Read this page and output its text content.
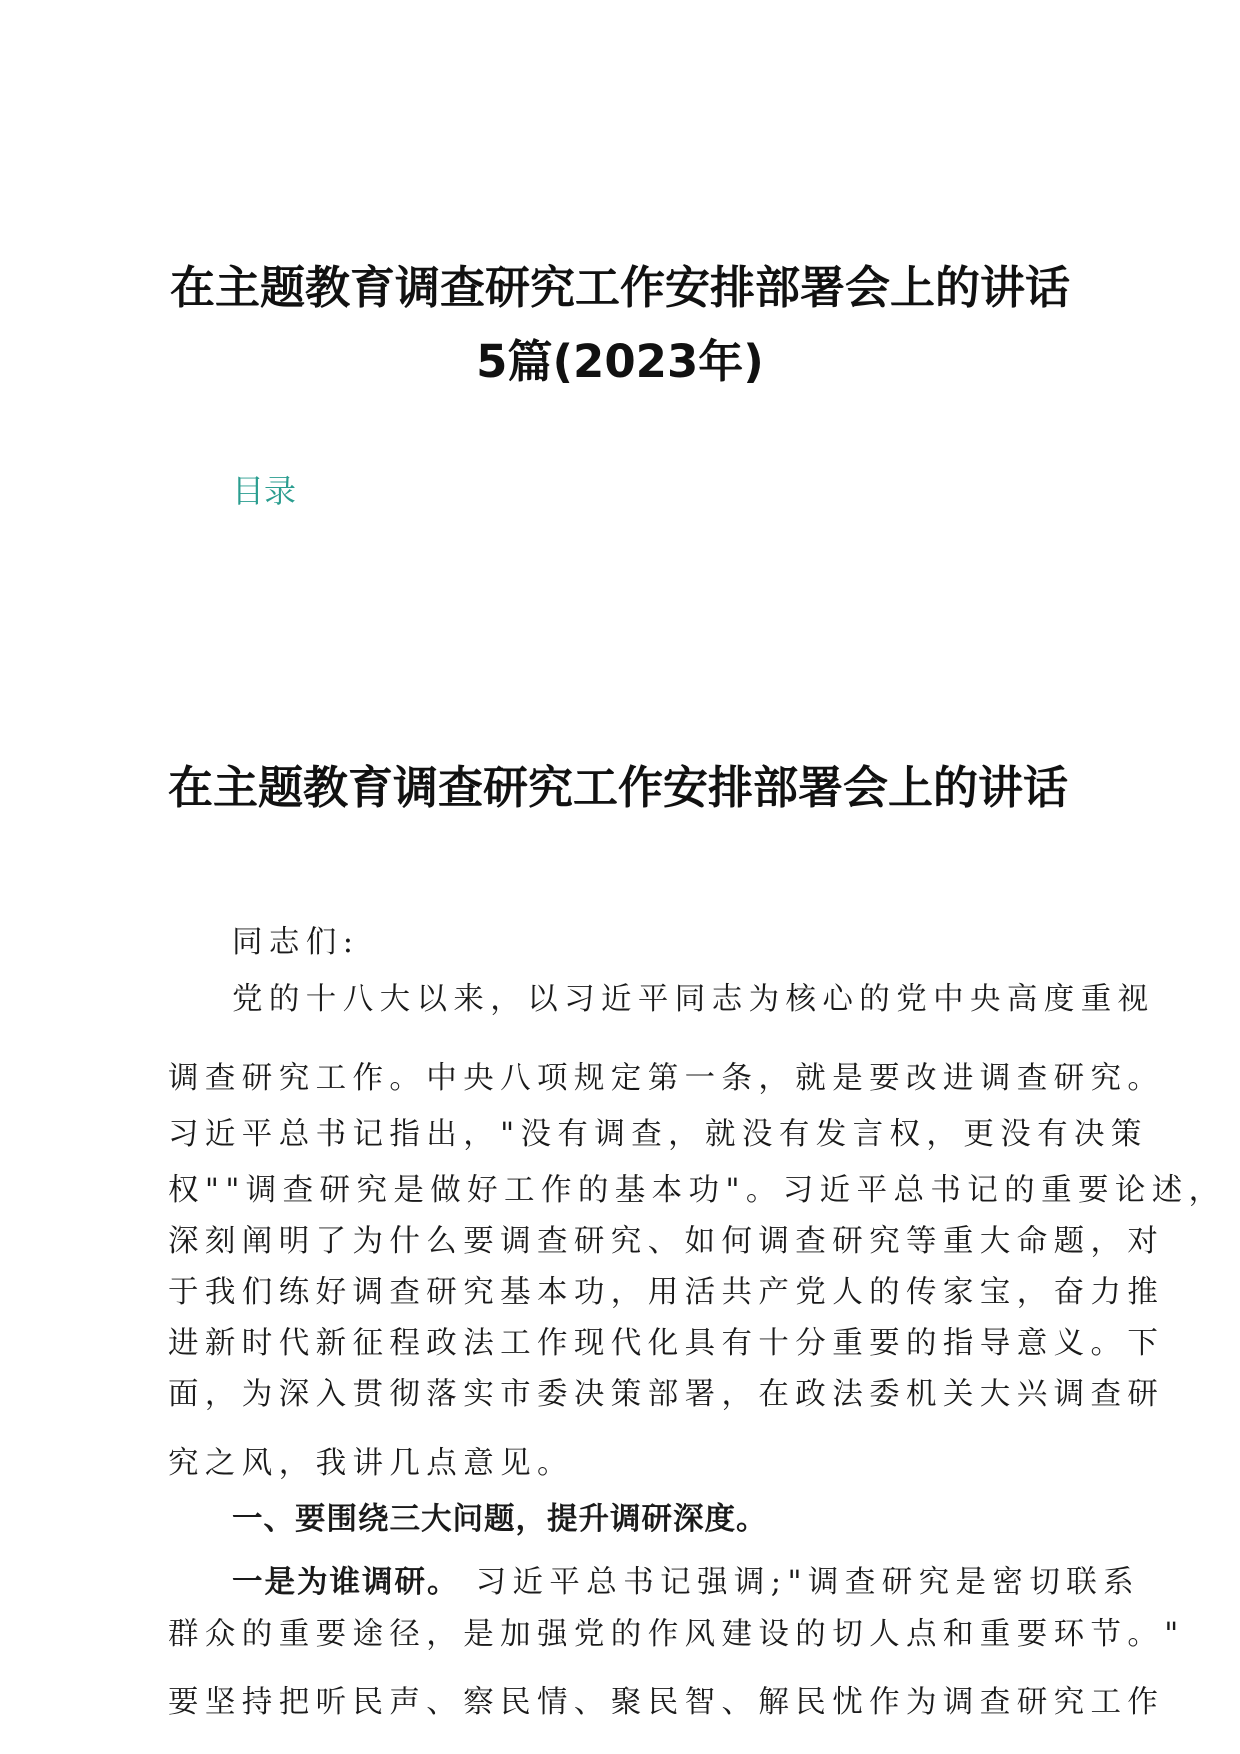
在主题教育调查研究工作安排部署会上的讲话
5篇(2023年)

目录

在主题教育调查研究工作安排部署会上的讲话

同志们:

党的十八大以来，以习近平同志为核心的党中央高度重视

调查研究工作。中央八项规定第一条，就是要改进调查研究。

习近平总书记指出，"没有调查，就没有发言权，更没有决策

权""调查研究是做好工作的基本功"。习近平总书记的重要论述，

深刻阐明了为什么要调查研究、如何调查研究等重大命题，对

于我们练好调查研究基本功，用活共产党人的传家宝，奋力推

进新时代新征程政法工作现代化具有十分重要的指导意义。下

面，为深入贯彻落实市委决策部署，在政法委机关大兴调查研

究之风，我讲几点意见。

一、要围绕三大问题，提升调研深度。

一是为谁调研。 习近平总书记强调;"调查研究是密切联系

群众的重要途径，是加强党的作风建设的切人点和重要环节。"

要坚持把听民声、察民情、聚民智、解民忧作为调查研究工作
